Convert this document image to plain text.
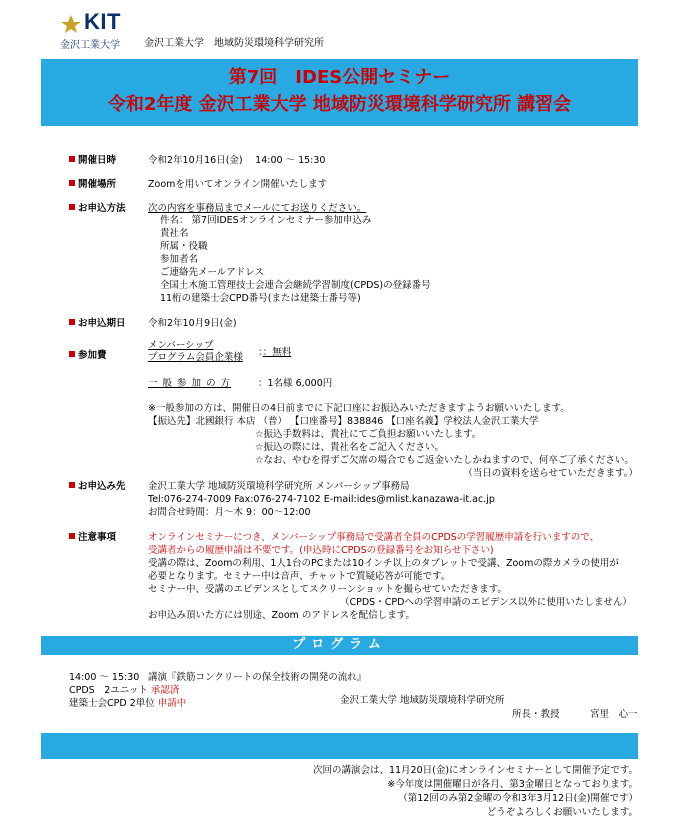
KIT
金沢工業大学 金沢工業大学　地域防災環境科学研究所
第7回　IDES公開セミナー
令和2年度 金沢工業大学 地域防災環境科学研究所 講習会
開催日時	令和2年10月16日(金)　 14:00 ～ 15:30
開催場所	Zoomを用いてオンライン開催いたします
お申込方法 次の内容を事務局までメールにてお送りください。
件名： 第7回IDESオンラインセミナー参加申込み
貴社名
所属・役職
参加者名
ご連絡先メールアドレス
全国土木施工管理技士会連合会継続学習制度(CPDS)の登録番号
11桁の建築士会CPD番号(または建築士番号等)
お申込期日 令和2年10月9日(金)
参加費
メンバーシップ
プログラム会員企業様 ：：無料
一 般 参 加 の 方	：1名様 6,000円
※一般参加の方は、開催日の4日前までに下記口座にお振込みいただきますようお願いいたします。
【振込先】北國銀行 本店 （普） 【口座番号】838846 【口座名義】学校法人金沢工業大学
☆振込手数料は、貴社にてご負担お願いいたします。
☆振込の際には、貴社名をご記入ください。
☆なお、やむを得ずご欠席の場合でもご返金いたしかねますので、何卒ご了承ください。
（当日の資料を送らせていただきます。）
お申込み先 金沢工業大学 地域防災環境科学研究所 メンバーシップ事務局
Tel:076-274-7009 Fax:076-274-7102 E-mail:ides@mlist.kanazawa-it.ac.jp
お問合せ時間：月～木 9：00～12:00
注意事項	オンラインセミナーにつき、メンバーシップ事務局で受講者全員のCPDSの学習履歴申請を行いますので、
受講者からの履歴申請は不要です。(申込時にCPDSの登録番号をお知らせ下さい)
受講の際は、Zoomの利用、1人1台のPCまたは10インチ以上のタブレットで受講、Zoomの際カメラの使用が
必要となります。セミナー中は音声、チャットで質疑応答が可能です。
セミナー中、受講のエビデンスとしてスクリーンショットを撮らせていただきます。
（CPDS・CPDへの学習申請のエビデンス以外に使用いたしません）
お申込み頂いた方には別途、Zoom のアドレスを配信します。
プログラム
14:00 ～ 15:30 講演『鉄筋コンクリートの保全技術の開発の流れ』
CPDS　2ユニット 承認済
建築士会CPD 2単位 申請中	金沢工業大学 地域防災環境科学研究所
所長・教授	宮里　心一
次回の講演会は、11月20日(金)にオンラインセミナーとして開催予定です。
※今年度は開催曜日が各月、第3金曜日となっております。
（第12回のみ第2金曜の令和3年3月12日(金)開催です）
どうぞよろしくお願いいたします。
